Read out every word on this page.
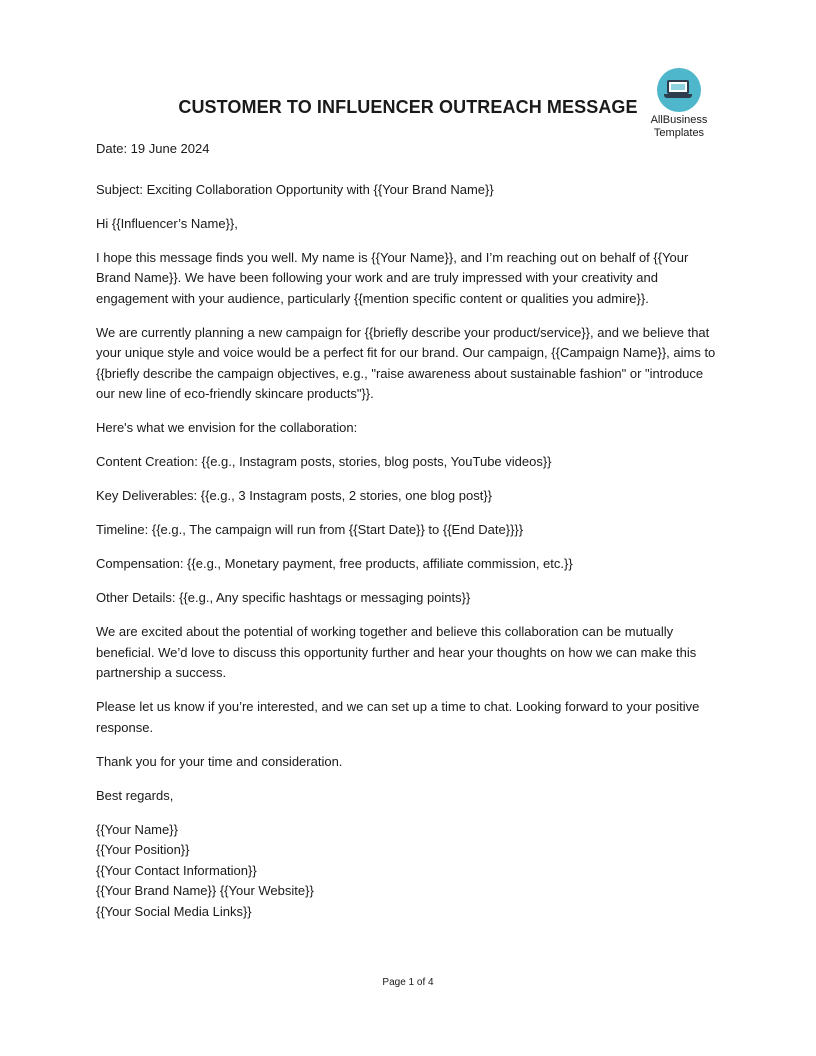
AllBusiness
Templates
CUSTOMER TO INFLUENCER OUTREACH MESSAGE

Date: 19 June 2024

Subject: Exciting Collaboration Opportunity with {{Your Brand Name}}

Hi {{Influencer’s Name}},

I hope this message finds you well. My name is {{Your Name}}, and I’m reaching out on behalf of {{Your Brand Name}}. We have been following your work and are truly impressed with your creativity and engagement with your audience, particularly {{mention specific content or qualities you admire}}.

We are currently planning a new campaign for {{briefly describe your product/service}}, and we believe that your unique style and voice would be a perfect fit for our brand. Our campaign, {{Campaign Name}}, aims to {{briefly describe the campaign objectives, e.g., "raise awareness about sustainable fashion" or "introduce our new line of eco-friendly skincare products"}}.

Here's what we envision for the collaboration:

Content Creation: {{e.g., Instagram posts, stories, blog posts, YouTube videos}}

Key Deliverables: {{e.g., 3 Instagram posts, 2 stories, one blog post}}

Timeline: {{e.g., The campaign will run from {{Start Date}} to {{End Date}}}}

Compensation: {{e.g., Monetary payment, free products, affiliate commission, etc.}}

Other Details: {{e.g., Any specific hashtags or messaging points}}

We are excited about the potential of working together and believe this collaboration can be mutually beneficial. We’d love to discuss this opportunity further and hear your thoughts on how we can make this partnership a success.

Please let us know if you’re interested, and we can set up a time to chat. Looking forward to your positive response.

Thank you for your time and consideration.

Best regards,

{{Your Name}}
{{Your Position}}
{{Your Contact Information}}
{{Your Brand Name}} {{Your Website}}
{{Your Social Media Links}}

Page 1 of 4
